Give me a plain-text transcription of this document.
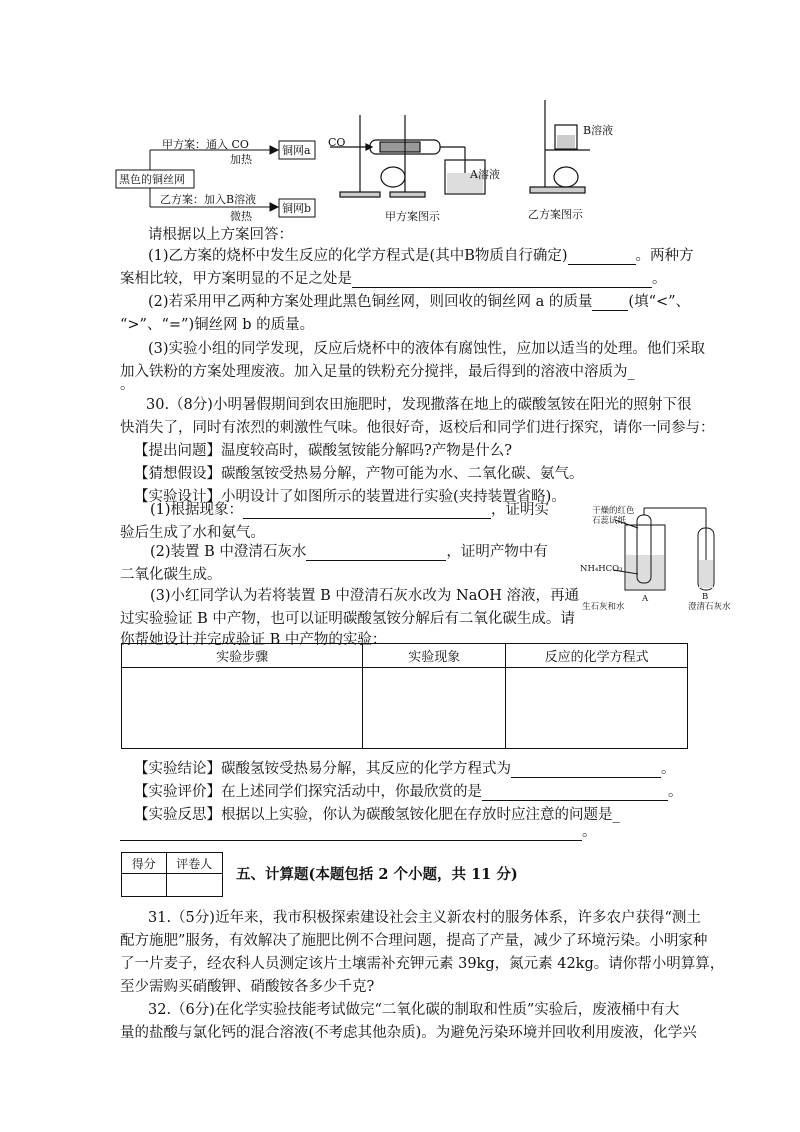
甲方案：通入 CO
加热
铜网a
黑色的铜丝网
乙方案：加入B溶液
微热
铜网b
CO
A溶液
甲方案图示
B溶液
乙方案图示
请根据以上方案回答：
(1)乙方案的烧杯中发生反应的化学方程式是(其中B物质自行确定)	。两种方
案相比较，甲方案明显的不足之处是	。
(2)若采用甲乙两种方案处理此黑色铜丝网，则回收的铜丝网 a 的质量 (填“<”、
“>”、“=”)铜丝网 b 的质量。
(3)实验小组的同学发现，反应后烧杯中的液体有腐蚀性，应加以适当的处理。他们采取
加入铁粉的方案处理废液。加入足量的铁粉充分搅拌，最后得到的溶液中溶质为_
。
30.（8分)小明暑假期间到农田施肥时，发现撒落在地上的碳酸氢铵在阳光的照射下很
快消失了，同时有浓烈的刺激性气味。他很好奇，返校后和同学们进行探究，请你一同参与：
【提出问题】温度较高时，碳酸氢铵能分解吗?产物是什么?
【猜想假设】碳酸氢铵受热易分解，产物可能为水、二氧化碳、氨气。
【实验设计】小明设计了如图所示的装置进行实验(夹持装置省略)。
(1)根据现象：	，证明实
验后生成了水和氨气。
(2)装置 B 中澄清石灰水	，证明产物中有
二氧化碳生成。
(3)小红同学认为若将装置 B 中澄清石灰水改为 NaOH 溶液，再通
过实验验证 B 中产物，也可以证明碳酸氢铵分解后有二氧化碳生成。请
你帮她设计并完成验证 B 中产物的实验：
干燥的红色
石蕊试纸
NH₄HCO₃
A	B
生石灰和水	澄清石灰水
实验步骤	实验现象	反应的化学方程式

【实验结论】碳酸氢铵受热易分解，其反应的化学方程式为	。
【实验评价】在上述同学们探究活动中，你最欣赏的是	。
【实验反思】根据以上实验，你认为碳酸氢铵化肥在存放时应注意的问题是_
。
得分	评卷人

五、计算题(本题包括 2 个小题，共 11 分)
31.（5分)近年来，我市积极探索建设社会主义新农村的服务体系，许多农户获得“测土
配方施肥”服务，有效解决了施肥比例不合理问题，提高了产量，减少了环境污染。小明家种
了一片麦子，经农科人员测定该片土壤需补充钾元素 39kg，氮元素 42kg。请你帮小明算算，
至少需购买硝酸钾、硝酸铵各多少千克?
32.（6分)在化学实验技能考试做完“二氧化碳的制取和性质”实验后，废液桶中有大
量的盐酸与氯化钙的混合溶液(不考虑其他杂质)。为避免污染环境并回收利用废液，化学兴
